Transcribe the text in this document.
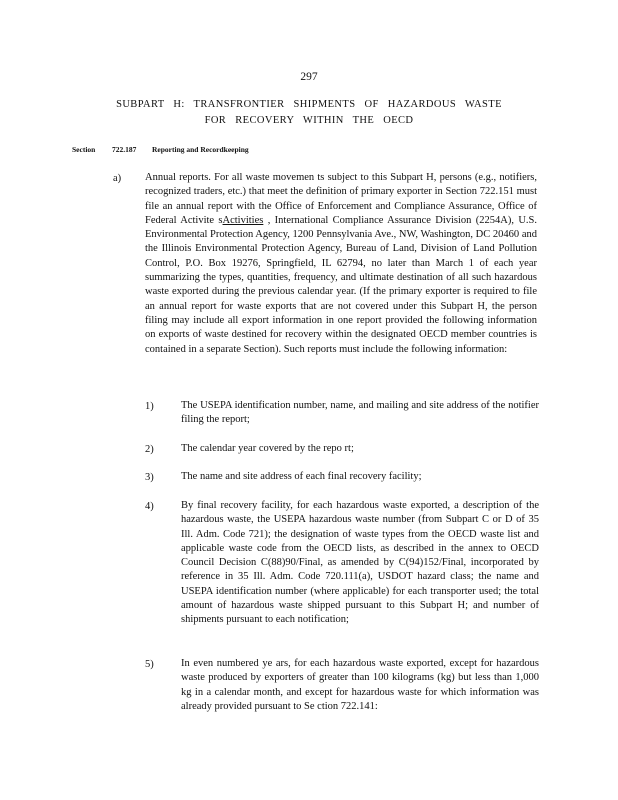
297
SUBPART H: TRANSFRONTIER SHIPMENTS OF HAZARDOUS WASTE
FOR RECOVERY WITHIN THE OECD
Section 722.187 Reporting and Recordkeeping
a) Annual reports. For all waste movemen ts subject to this Subpart H, persons (e.g., notifiers, recognized traders, etc.) that meet the definition of primary exporter in Section 722.151 must file an annual report with the Office of Enforcement and Compliance Assurance, Office of Federal Activite sActivities , International Compliance Assurance Division (2254A), U.S. Environmental Protection Agency, 1200 Pennsylvania Ave., NW, Washington, DC 20460 and the Illinois Environmental Protection Agency, Bureau of Land, Division of Land Pollution Control, P.O. Box 19276, Springfield, IL 62794, no later than March 1 of each year summarizing the types, quantities, frequency, and ultimate destination of all such hazardous waste exported during the previous calendar year. (If the primary exporter is required to file an annual report for waste exports that are not covered under this Subpart H, the person filing may include all export information in one report provided the following information on exports of waste destined for recovery within the designated OECD member countries is contained in a separate Section). Such reports must include the following information:
1)	The USEPA identification number, name, and mailing and site address of the notifier filing the report;
2)	The calendar year covered by the repo rt;
3)	The name and site address of each final recovery facility;
4)	By final recovery facility, for each hazardous waste exported, a description of the hazardous waste, the USEPA hazardous waste number (from Subpart C or D of 35 Ill. Adm. Code 721); the designation of waste types from the OECD waste list and applicable waste code from the OECD lists, as described in the annex to OECD Council Decision C(88)90/Final, as amended by C(94)152/Final, incorporated by reference in 35 Ill. Adm. Code 720.111(a), USDOT hazard class; the name and USEPA identification number (where applicable) for each transporter used; the total amount of hazardous waste shipped pursuant to this Subpart H; and number of shipments pursuant to each notification;
5)	In even numbered ye ars, for each hazardous waste exported, except for hazardous waste produced by exporters of greater than 100 kilograms (kg) but less than 1,000 kg in a calendar month, and except for hazardous waste for which information was already provided pursuant to Se ction 722.141:
